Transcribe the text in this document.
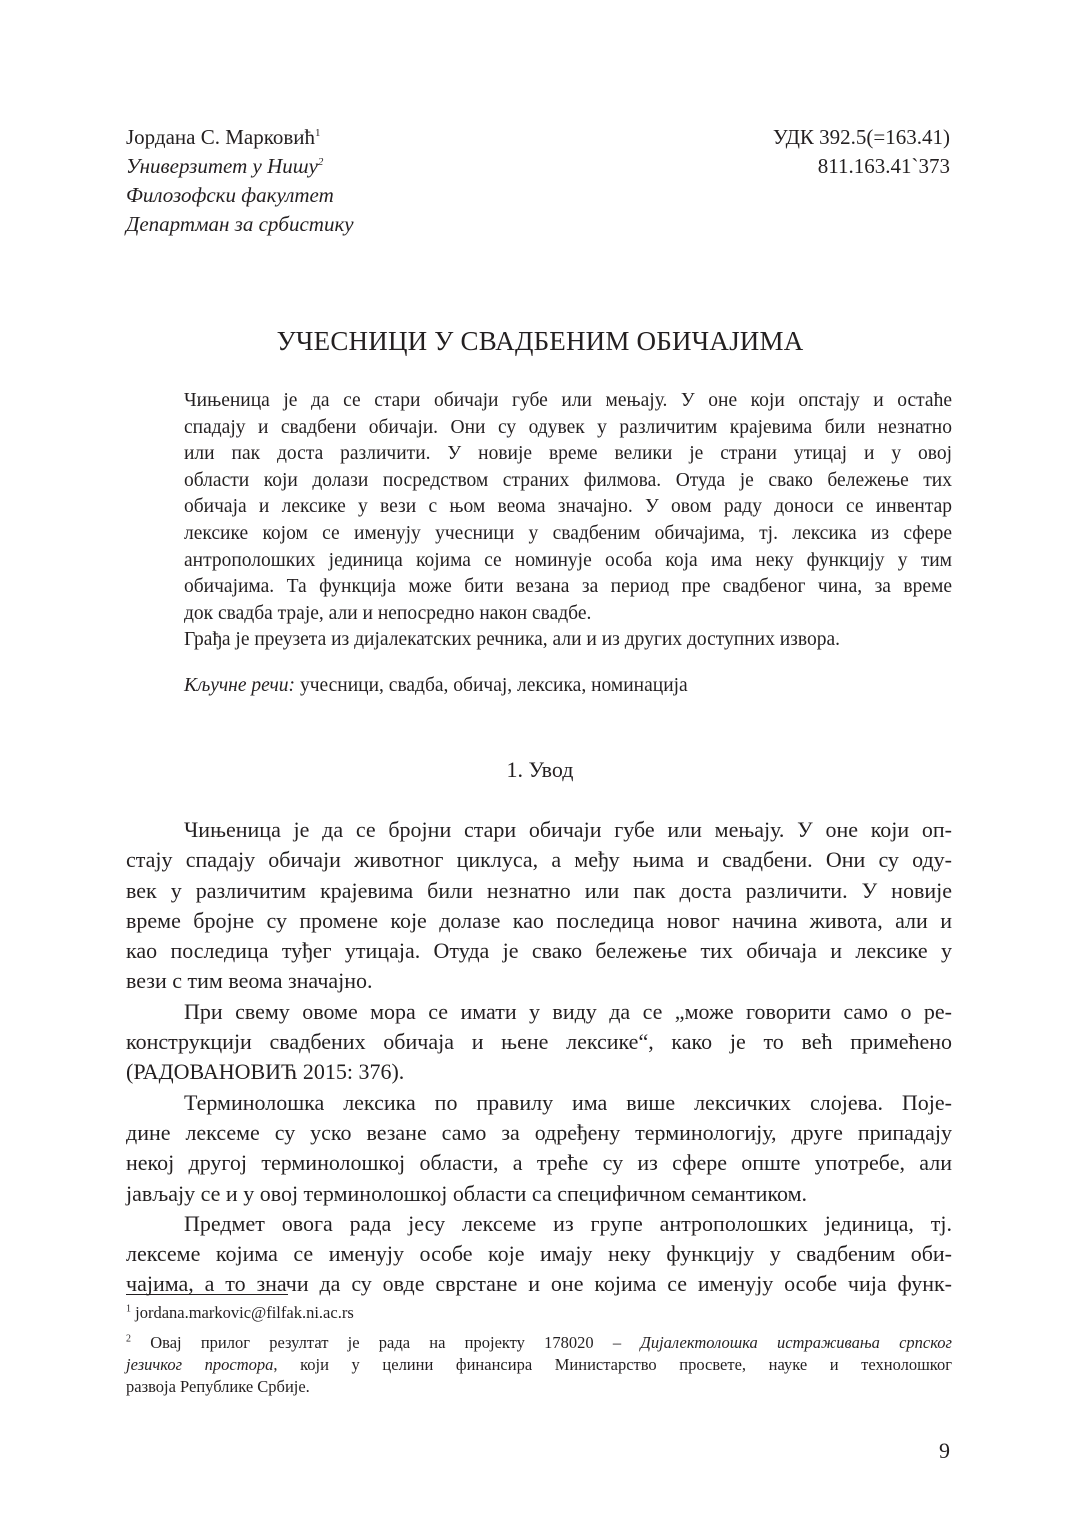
Јордана С. Марковић$^1$
Универзитет у Нишу$^2$
Филозофски факултет
Департман за србистику
УДК 392.5(=163.41)
811.163.41`373
УЧЕСНИЦИ У СВАДБЕНИМ ОБИЧАЈИМА
Чињеница је да се стари обичаји губе или мењају. У оне који опстају и остаће
спадају и свадбени обичаји. Они су одувек у различитим крајевима били незнатно
или пак доста различити. У новије време велики је страни утицај и у овој
области који долази посредством страних филмова. Отуда је свако бележење тих
обичаја и лексике у вези с њом веома значајно. У овом раду доноси се инвентар
лексике којом се именују учесници у свадбеним обичајима, тј. лексика из сфере
антрополошких јединица којима се номинује особа која има неку функцију у тим
обичајима. Та функција може бити везана за период пре свадбеног чина, за време
док свадба траје, али и непосредно након свадбе.
Грађа је преузета из дијалекатских речника, али и из других доступних извора.
Кључне речи: учесници, свадба, обичај, лексика, номинација
1. Увод
Чињеница је да се бројни стари обичаји губе или мењају. У оне који оп-
стају спадају обичаји животног циклуса, а међу њима и свадбени. Они су оду-
век у различитим крајевима били незнатно или пак доста различити. У новије
време бројне су промене које долазе као последица новог начина живота, али и
као последица туђег утицаја. Отуда је свако бележење тих обичаја и лексике у
вези с тим веома значајно.
При свему овоме мора се имати у виду да се „може говорити само о ре-
конструкцији свадбених обичаја и њене лексике“, како је то већ примећено
(РАДОВАНОВИЋ 2015: 376).
Терминолошка лексика по правилу има више лексичких слојева. Поје-
дине лексеме су уско везане само за одређену терминологију, друге припадају
некој другој терминолошкој области, а треће су из сфере опште употребе, али
јављају се и у овој терминолошкој области са специфичном семантиком.
Предмет овога рада јесу лексеме из групе антрополошких јединица, тј.
лексеме којима се именују особе које имају неку функцију у свадбеним оби-
чајима, а то значи да су овде сврстане и оне којима се именују особе чија функ-
$^1$ jordana.markovic@filfak.ni.ac.rs
$^2$ Овај прилог резултат је рада на пројекту 178020 – Дијалектолошка истраживања српског
језичког простора, који у целини финансира Министарство просвете, науке и технолошког
развоја Републике Србије.
9
